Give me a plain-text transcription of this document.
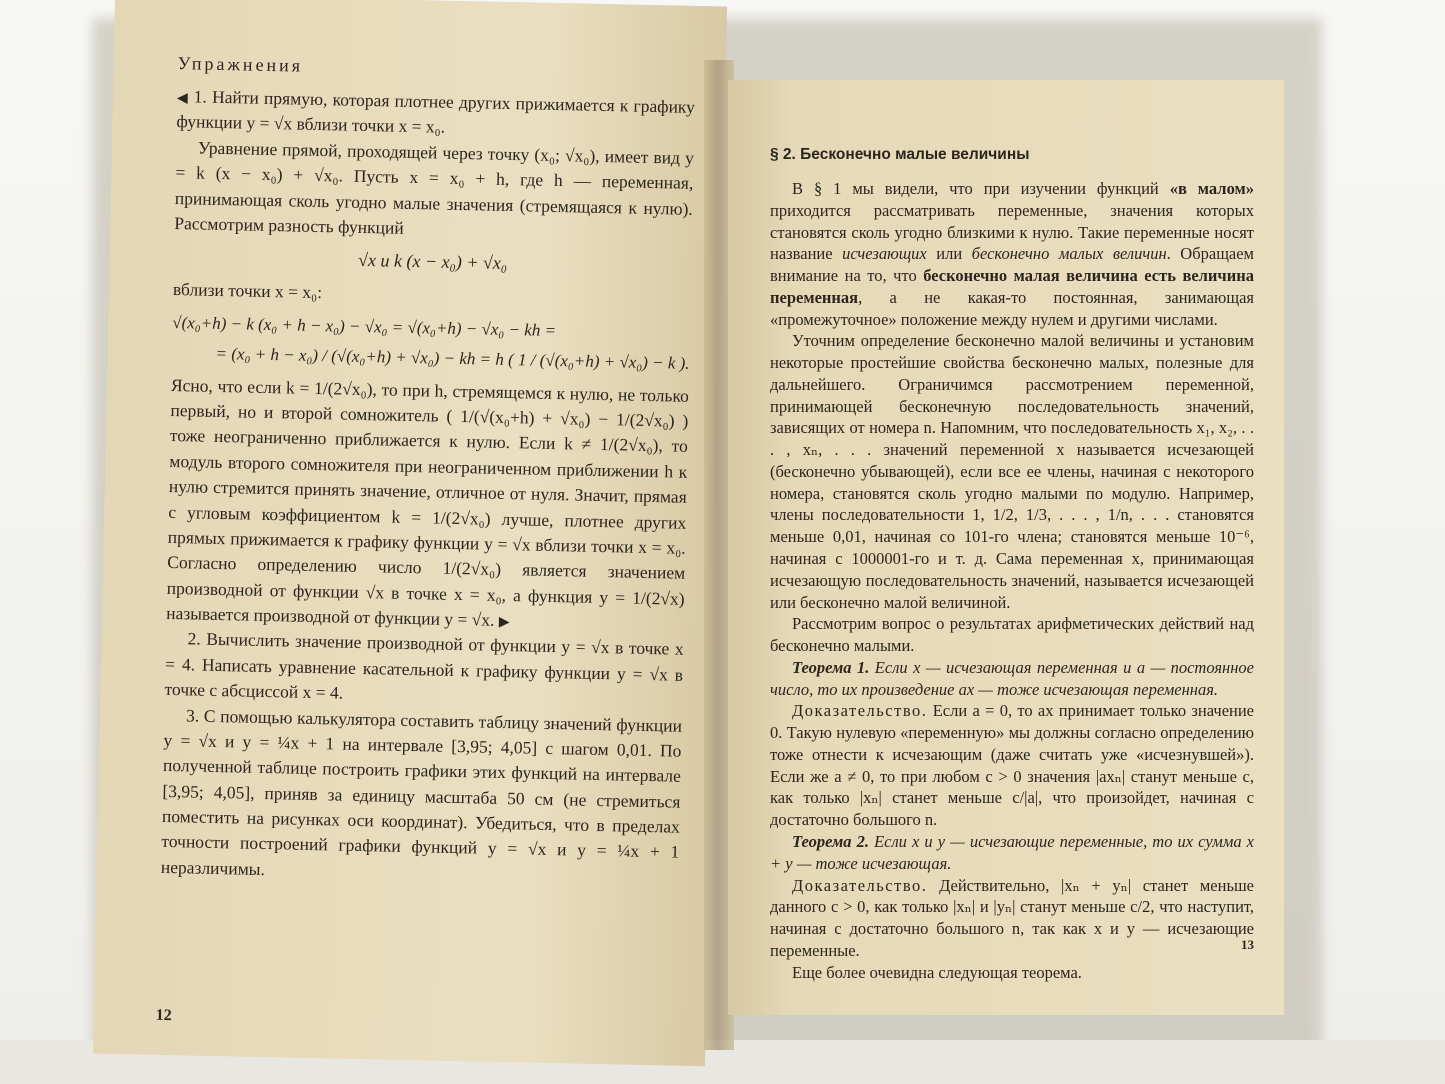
Упражнения

◀ 1. Найти прямую, которая плотнее других прижимается к графику функции y = √x вблизи точки x = x₀.

Уравнение прямой, проходящей через точку (x₀; √x₀), имеет вид y = k (x − x₀) + √x₀. Пусть x = x₀ + h, где h — переменная, принимающая сколь угодно малые значения (стремящаяся к нулю). Рассмотрим разность функций

√x и k (x − x₀) + √x₀

вблизи точки x = x₀:

√(x₀+h) − k (x₀ + h − x₀) − √x₀ = √(x₀+h) − √x₀ − kh =

= (x₀ + h − x₀) / (√(x₀+h) + √x₀) − kh = h ( 1 / (√(x₀+h) + √x₀) − k ).

Ясно, что если k = 1/(2√x₀), то при h, стремящемся к нулю, не только первый, но и второй сомножитель ( 1/(√(x₀+h) + √x₀) − 1/(2√x₀) ) тоже неограниченно приближается к нулю. Если k ≠ 1/(2√x₀), то модуль второго сомножителя при неограниченном приближении h к нулю стремится принять значение, отличное от нуля. Значит, прямая с угловым коэффициентом k = 1/(2√x₀) лучше, плотнее других прямых прижимается к графику функции y = √x вблизи точки x = x₀. Согласно определению число 1/(2√x₀) является значением производной от функции √x в точке x = x₀, а функция y = 1/(2√x) называется производной от функции y = √x. ▶

2. Вычислить значение производной от функции y = √x в точке x = 4. Написать уравнение касательной к графику функции y = √x в точке с абсциссой x = 4.

3. С помощью калькулятора составить таблицу значений функции y = √x и y = ¼x + 1 на интервале [3,95; 4,05] с шагом 0,01. По полученной таблице построить графики этих функций на интервале [3,95; 4,05], приняв за единицу масштаба 50 см (не стремиться поместить на рисунках оси координат). Убедиться, что в пределах точности построений графики функций y = √x и y = ¼x + 1 неразличимы.

12

§ 2. Бесконечно малые величины

В § 1 мы видели, что при изучении функций «в малом» приходится рассматривать переменные, значения которых становятся сколь угодно близкими к нулю. Такие переменные носят название исчезающих или бесконечно малых величин. Обращаем внимание на то, что бесконечно малая величина есть величина переменная, а не какая-то постоянная, занимающая «промежуточное» положение между нулем и другими числами.

Уточним определение бесконечно малой величины и установим некоторые простейшие свойства бесконечно малых, полезные для дальнейшего. Ограничимся рассмотрением переменной, принимающей бесконечную последовательность значений, зависящих от номера n. Напомним, что последовательность x₁, x₂, . . . , xₙ, . . . значений переменной x называется исчезающей (бесконечно убывающей), если все ее члены, начиная с некоторого номера, становятся сколь угодно малыми по модулю. Например, члены последовательности 1, 1/2, 1/3, . . . , 1/n, . . . становятся меньше 0,01, начиная со 101-го члена; становятся меньше 10⁻⁶, начиная с 1000001-го и т. д. Сама переменная x, принимающая исчезающую последовательность значений, называется исчезающей или бесконечно малой величиной.

Рассмотрим вопрос о результатах арифметических действий над бесконечно малыми.

Теорема 1. Если x — исчезающая переменная и a — постоянное число, то их произведение ax — тоже исчезающая переменная.

Доказательство. Если a = 0, то ax принимает только значение 0. Такую нулевую «переменную» мы должны согласно определению тоже отнести к исчезающим (даже считать уже «исчезнувшей»). Если же a ≠ 0, то при любом c > 0 значения |axₙ| станут меньше c, как только |xₙ| станет меньше c/|a|, что произойдет, начиная с достаточно большого n.

Теорема 2. Если x и y — исчезающие переменные, то их сумма x + y — тоже исчезающая.

Доказательство. Действительно, |xₙ + yₙ| станет меньше данного c > 0, как только |xₙ| и |yₙ| станут меньше c/2, что наступит, начиная с достаточно большого n, так как x и y — исчезающие переменные.

Еще более очевидна следующая теорема.

13
